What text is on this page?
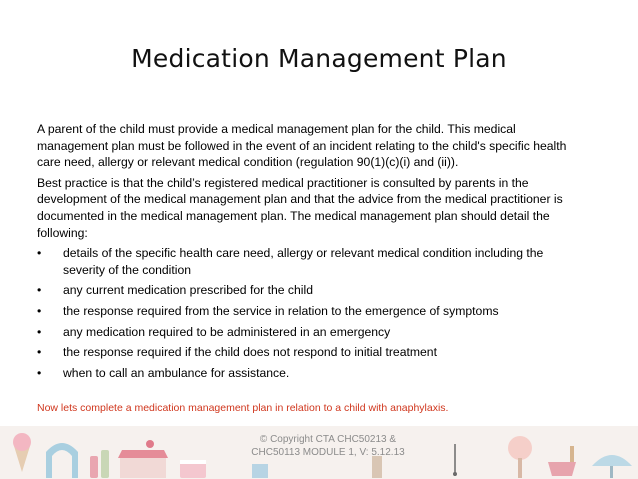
Medication Management Plan

A parent of the child must provide a medical management plan for the child. This medical management plan must be followed in the event of an incident relating to the child's specific health care need, allergy or relevant medical condition (regulation 90(1)(c)(i) and (ii)).

Best practice is that the child’s registered medical practitioner is consulted by parents in the development of the medical management plan and that the advice from the medical practitioner is documented in the medical management plan. The medical management plan should detail the following:

• details of the specific health care need, allergy or relevant medical condition including the severity of the condition
• any current medication prescribed for the child
• the response required from the service in relation to the emergence of symptoms
• any medication required to be administered in an emergency
• the response required if the child does not respond to initial treatment
• when to call an ambulance for assistance.
Now lets complete a medication management plan in relation to a child with anaphylaxis.
© Copyright CTA CHC50213 &
CHC50113 MODULE 1, V: 5.12.13
